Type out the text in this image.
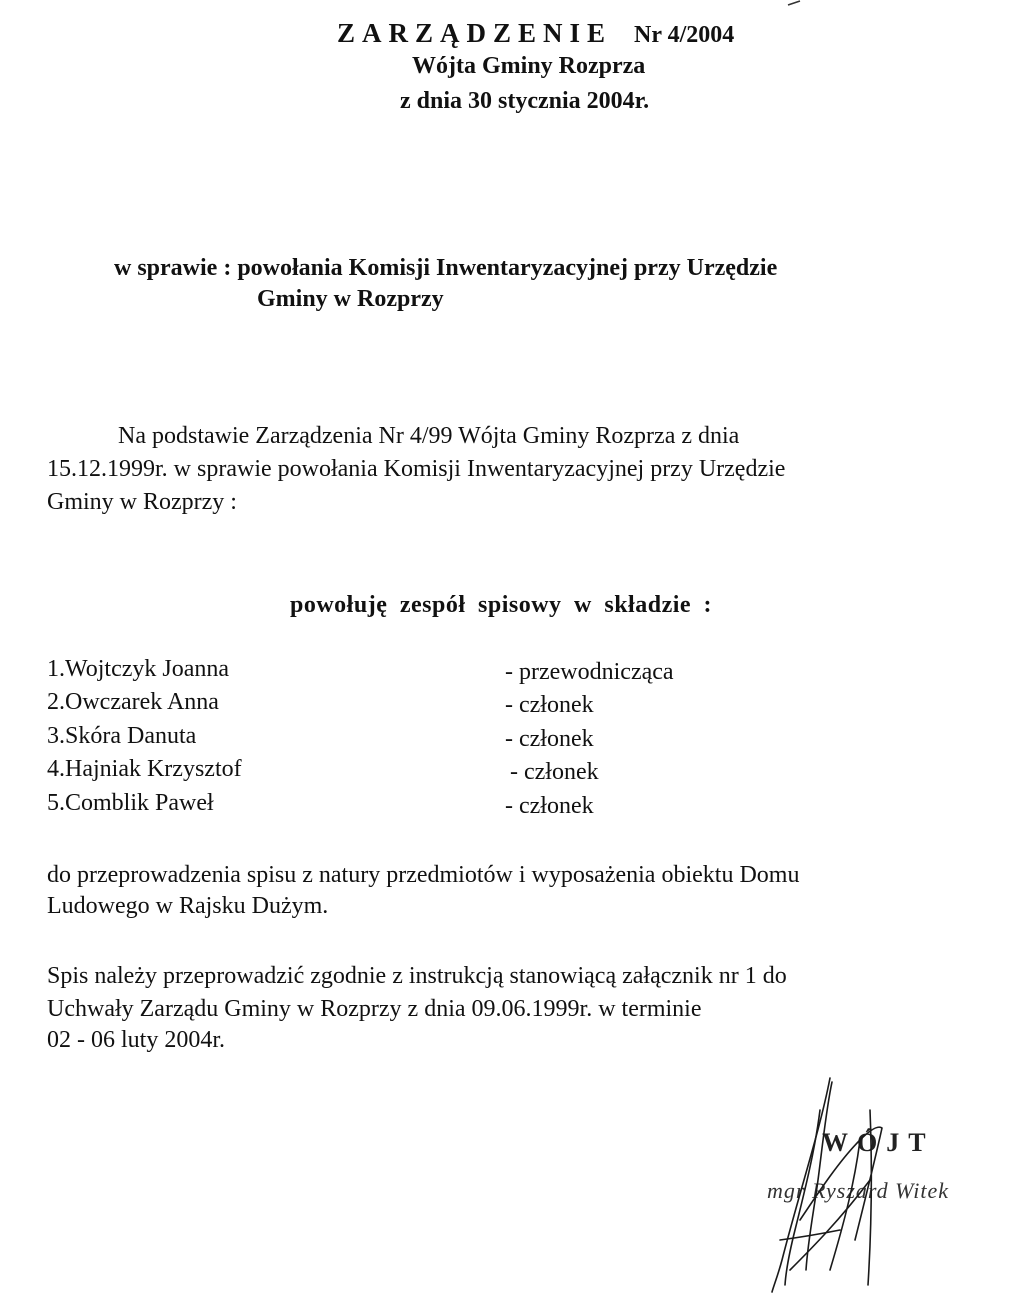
ZARZĄDZENIE Nr 4/2004
Wójta Gminy Rozprza
z dnia 30 stycznia 2004r.
w sprawie : powołania Komisji Inwentaryzacyjnej przy Urzędzie
Gminy w Rozprzy
Na podstawie Zarządzenia Nr 4/99 Wójta Gminy Rozprza z dnia
15.12.1999r. w sprawie powołania Komisji Inwentaryzacyjnej przy Urzędzie
Gminy w Rozprzy :
powołuję zespół spisowy w składzie :
1.Wojtczyk Joanna	- przewodnicząca
2.Owczarek Anna	- członek
3.Skóra Danuta	- członek
4.Hajniak Krzysztof	- członek
5.Comblik Paweł	- członek
do przeprowadzenia spisu z natury przedmiotów i wyposażenia obiektu Domu
Ludowego w Rajsku Dużym.
Spis należy przeprowadzić zgodnie z instrukcją stanowiącą załącznik nr 1 do
Uchwały Zarządu Gminy w Rozprzy z dnia 09.06.1999r. w terminie
02 - 06 luty 2004r.
WÓJT
mgr Ryszard Witek
